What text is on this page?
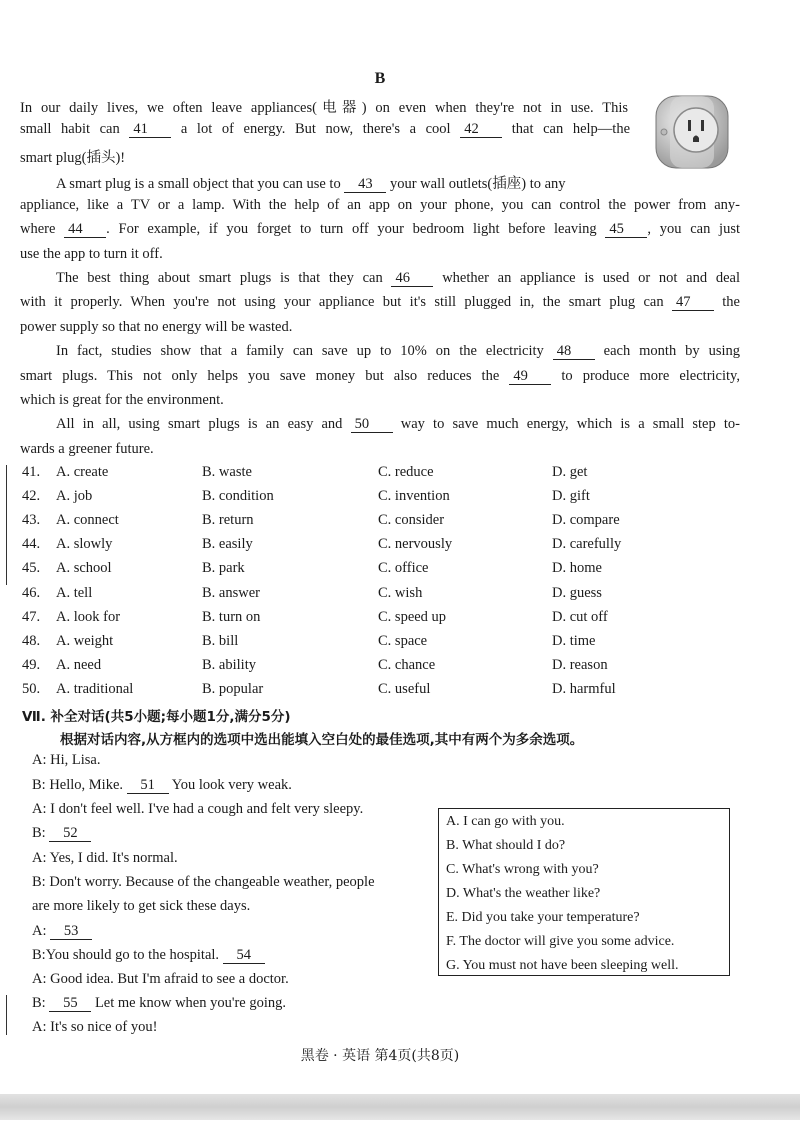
B
In our daily lives, we often leave appliances(电器) on even when they're not in use. This
small habit can 41 a lot of energy. But now, there's a cool 42 that can help—the
smart plug(插头)!
A smart plug is a small object that you can use to 43 your wall outlets(插座) to any
appliance, like a TV or a lamp. With the help of an app on your phone, you can control the power from any-
where 44 . For example, if you forget to turn off your bedroom light before leaving 45 , you can just
use the app to turn it off.
The best thing about smart plugs is that they can 46 whether an appliance is used or not and deal
with it properly. When you're not using your appliance but it's still plugged in, the smart plug can 47 the
power supply so that no energy will be wasted.
In fact, studies show that a family can save up to 10% on the electricity 48 each month by using
smart plugs. This not only helps you save money but also reduces the 49 to produce more electricity,
which is great for the environment.
All in all, using smart plugs is an easy and 50 way to save much energy, which is a small step to-
wards a greener future.
41. A. create	B. waste	C. reduce	D. get
42. A. job	B. condition	C. invention	D. gift
43. A. connect	B. return	C. consider	D. compare
44. A. slowly	B. easily	C. nervously	D. carefully
45. A. school	B. park	C. office	D. home
46. A. tell	B. answer	C. wish	D. guess
47. A. look for	B. turn on	C. speed up	D. cut off
48. A. weight	B. bill	C. space	D. time
49. A. need	B. ability	C. chance	D. reason
50. A. traditional	B. popular	C. useful	D. harmful
Ⅶ. 补全对话(共5小题;每小题1分,满分5分)
根据对话内容,从方框内的选项中选出能填入空白处的最佳选项,其中有两个为多余选项。
A: Hi, Lisa.
B: Hello, Mike. 51 You look very weak.
A: I don't feel well. I've had a cough and felt very sleepy.
B: 52
A: Yes, I did. It's normal.
B: Don't worry. Because of the changeable weather, people
are more likely to get sick these days.
A: 53
B:You should go to the hospital. 54
A: Good idea. But I'm afraid to see a doctor.
B: 55 Let me know when you're going.
A: It's so nice of you!
A. I can go with you.
B. What should I do?
C. What's wrong with you?
D. What's the weather like?
E. Did you take your temperature?
F. The doctor will give you some advice.
G. You must not have been sleeping well.
黑卷 · 英语 第4页(共8页)
